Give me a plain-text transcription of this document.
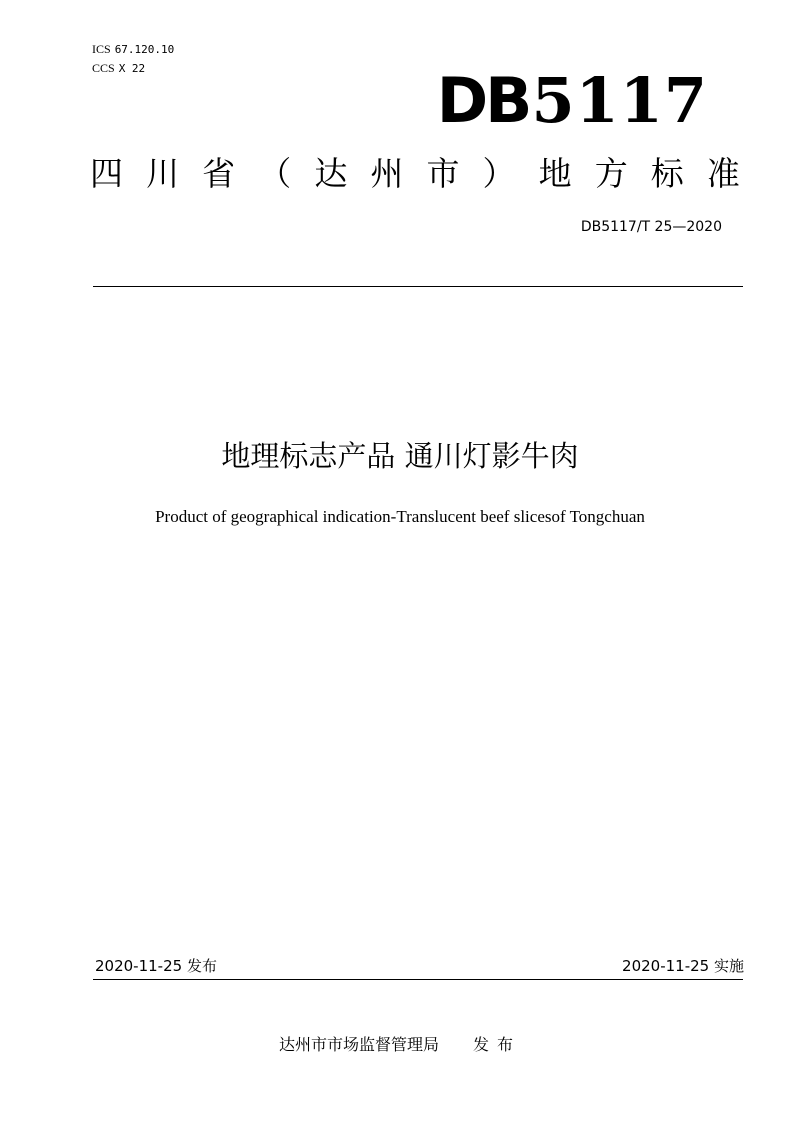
ICS 67.120.10
CCS X 22	DB5117
四 川 省 （ 达 州 市 ） 地 方 标 准
DB5117/T 25—2020
地理标志产品 通川灯影牛肉
Product of geographical indication-Translucent beef slicesof Tongchuan
2020-11-25 发布	2020-11-25 实施
达州市市场监督管理局 发布
